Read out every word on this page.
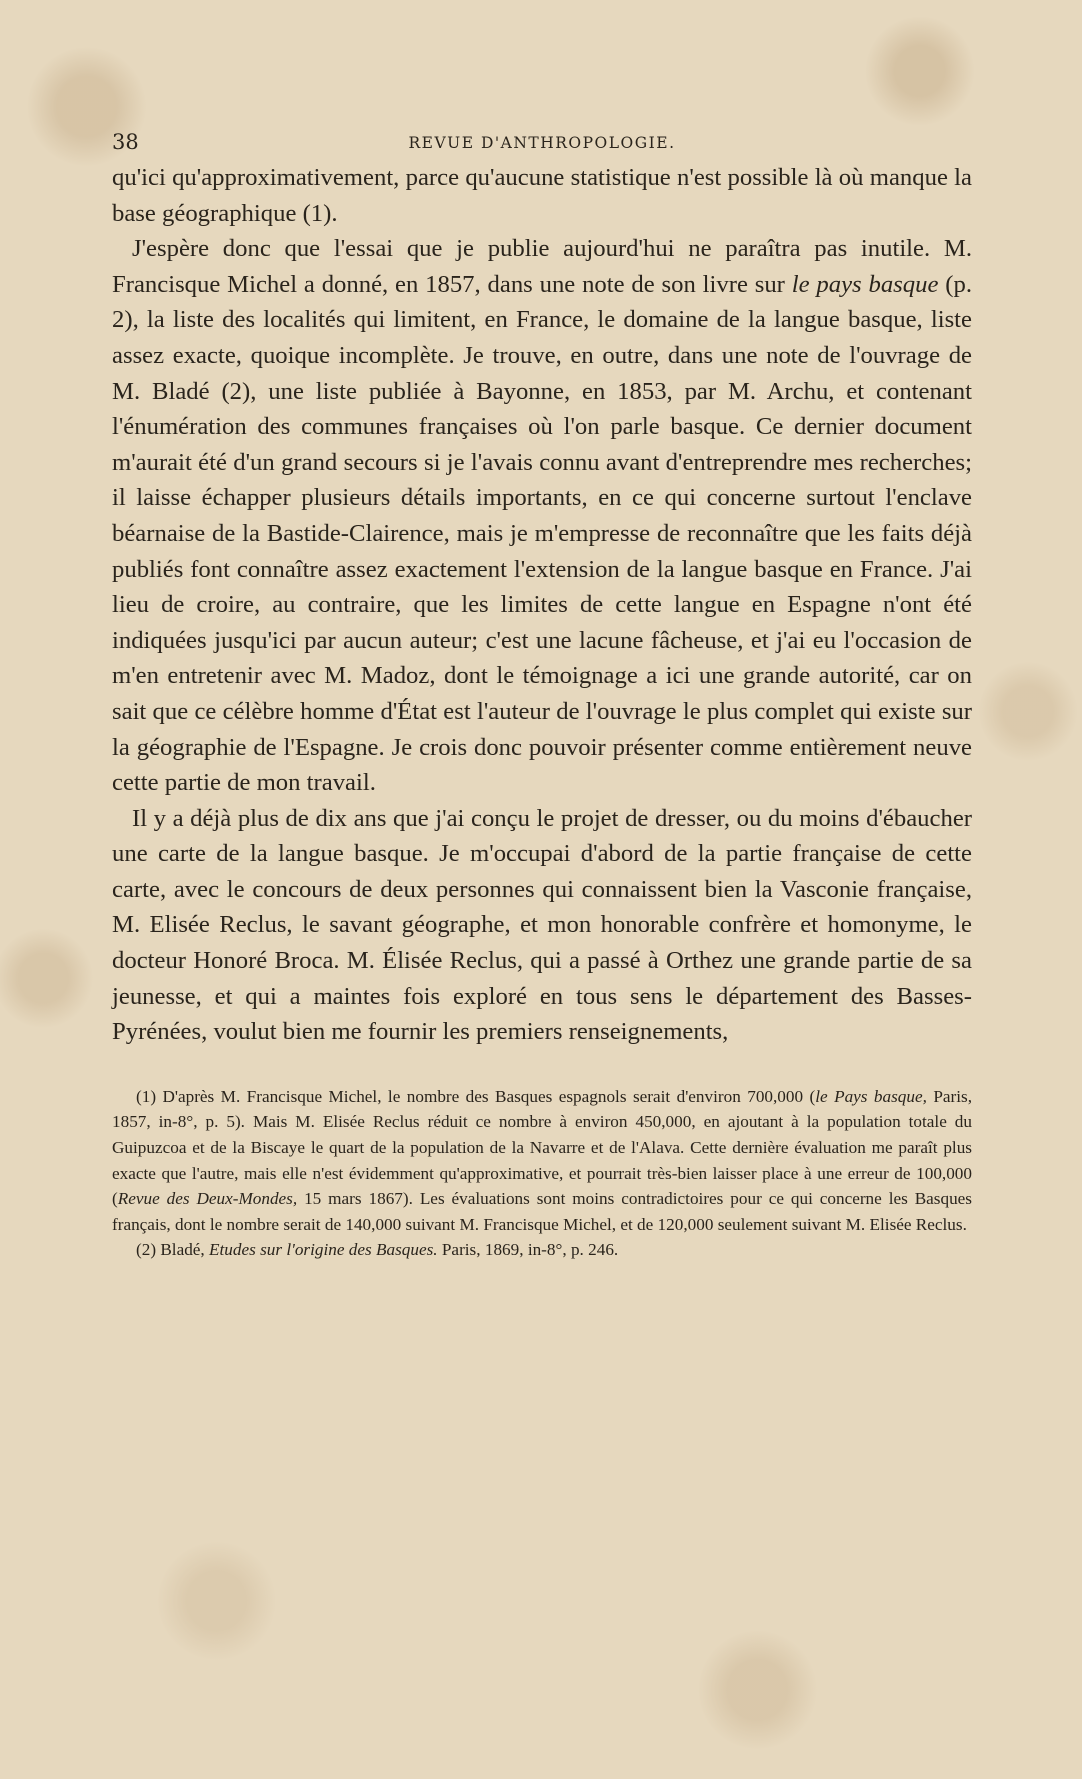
38	REVUE D'ANTHROPOLOGIE.

qu'ici qu'approximativement, parce qu'aucune statistique n'est possible là où manque la base géographique (1).

J'espère donc que l'essai que je publie aujourd'hui ne paraîtra pas inutile. M. Francisque Michel a donné, en 1857, dans une note de son livre sur le pays basque (p. 2), la liste des localités qui limitent, en France, le domaine de la langue basque, liste assez exacte, quoique incomplète. Je trouve, en outre, dans une note de l'ouvrage de M. Bladé (2), une liste publiée à Bayonne, en 1853, par M. Archu, et contenant l'énumération des communes françaises où l'on parle basque. Ce dernier document m'aurait été d'un grand secours si je l'avais connu avant d'entreprendre mes recherches; il laisse échapper plusieurs détails importants, en ce qui concerne surtout l'enclave béarnaise de la Bastide-Clairence, mais je m'empresse de reconnaître que les faits déjà publiés font connaître assez exactement l'extension de la langue basque en France. J'ai lieu de croire, au contraire, que les limites de cette langue en Espagne n'ont été indiquées jusqu'ici par aucun auteur; c'est une lacune fâcheuse, et j'ai eu l'occasion de m'en entretenir avec M. Madoz, dont le témoignage a ici une grande autorité, car on sait que ce célèbre homme d'État est l'auteur de l'ouvrage le plus complet qui existe sur la géographie de l'Espagne. Je crois donc pouvoir présenter comme entièrement neuve cette partie de mon travail.

Il y a déjà plus de dix ans que j'ai conçu le projet de dresser, ou du moins d'ébaucher une carte de la langue basque. Je m'occupai d'abord de la partie française de cette carte, avec le concours de deux personnes qui connaissent bien la Vasconie française, M. Elisée Reclus, le savant géographe, et mon honorable confrère et homonyme, le docteur Honoré Broca. M. Élisée Reclus, qui a passé à Orthez une grande partie de sa jeunesse, et qui a maintes fois exploré en tous sens le département des Basses-Pyrénées, voulut bien me fournir les premiers renseignements,

(1) D'après M. Francisque Michel, le nombre des Basques espagnols serait d'environ 700,000 (le Pays basque, Paris, 1857, in-8°, p. 5). Mais M. Elisée Reclus réduit ce nombre à environ 450,000, en ajoutant à la population totale du Guipuzcoa et de la Biscaye le quart de la population de la Navarre et de l'Alava. Cette dernière évaluation me paraît plus exacte que l'autre, mais elle n'est évidemment qu'approximative, et pourrait très-bien laisser place à une erreur de 100,000 (Revue des Deux-Mondes, 15 mars 1867). Les évaluations sont moins contradictoires pour ce qui concerne les Basques français, dont le nombre serait de 140,000 suivant M. Francisque Michel, et de 120,000 seulement suivant M. Elisée Reclus.

(2) Bladé, Etudes sur l'origine des Basques. Paris, 1869, in-8°, p. 246.
